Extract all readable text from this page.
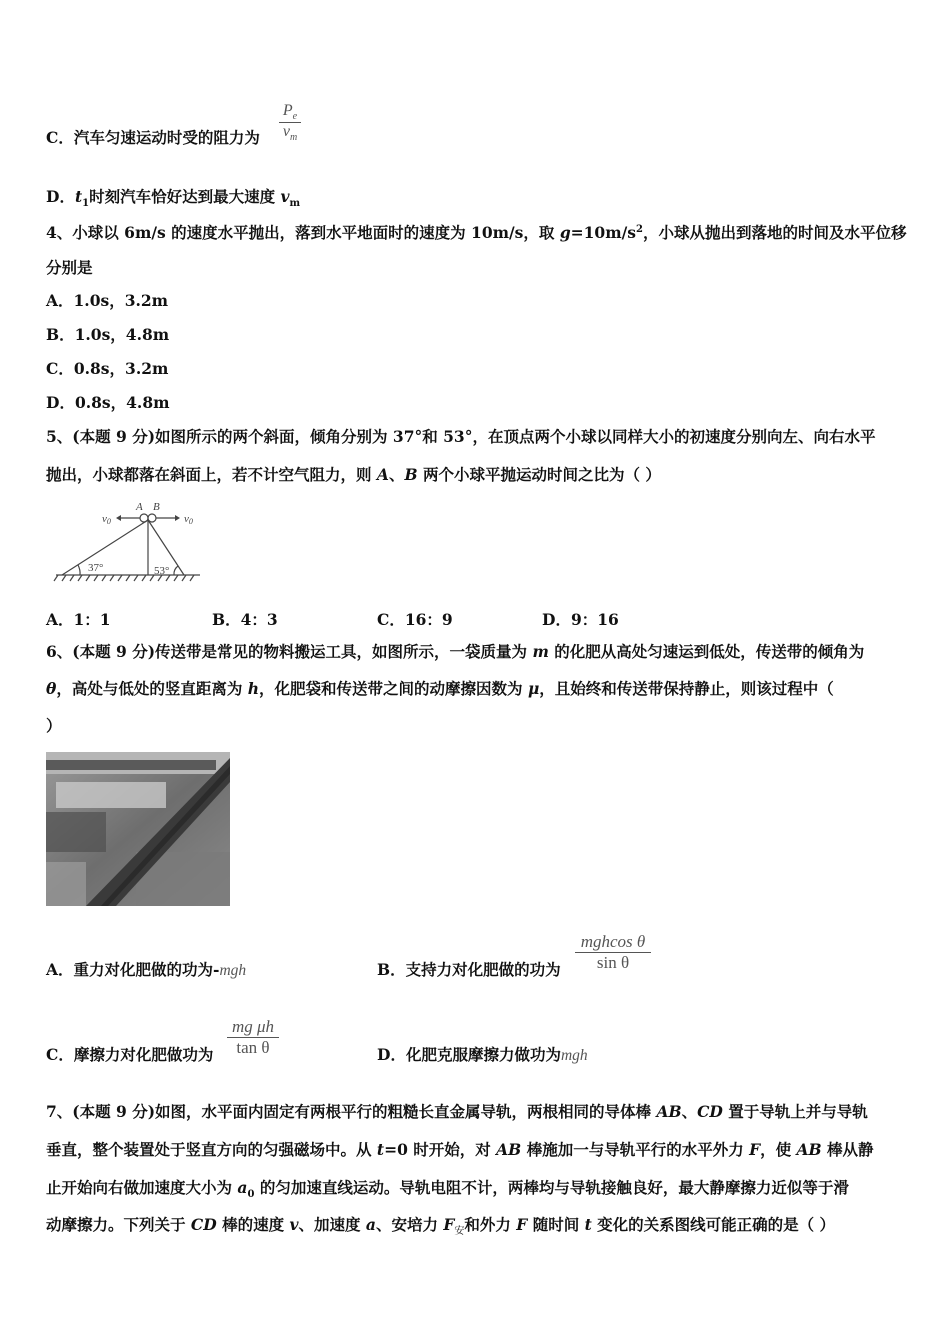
C．汽车匀速运动时受的阻力为
$P_e$
$v_m$
D．$t_1$时刻汽车恰好达到最大速度 $v_m$
4、小球以 6m/s 的速度水平抛出，落到水平地面时的速度为 10m/s，取 $g=10m/s^2$，小球从抛出到落地的时间及水平位移
分别是
A．1.0s，3.2m
B．1.0s，4.8m
C．0.8s，3.2m
D．0.8s，4.8m
5、(本题 9 分)如图所示的两个斜面，倾角分别为 37°和 53°，在顶点两个小球以同样大小的初速度分别向左、向右水平
抛出，小球都落在斜面上，若不计空气阻力，则 A、B 两个小球平抛运动时间之比为（ ）
A B
v0	v0
37°	53°
A．1：1	B．4：3	C．16：9	D．9：16
6、(本题 9 分)传送带是常见的物料搬运工具，如图所示，一袋质量为 m 的化肥从高处匀速运到低处，传送带的倾角为
θ，高处与低处的竖直距离为 h，化肥袋和传送带之间的动摩擦因数为 μ，且始终和传送带保持静止，则该过程中（
）
A．重力对化肥做的功为-mgh	B．支持力对化肥做的功为
mghcos θ
sin θ
C．摩擦力对化肥做功为
mg μh
tan θ	D．化肥克服摩擦力做功为mgh
7、(本题 9 分)如图，水平面内固定有两根平行的粗糙长直金属导轨，两根相同的导体棒 AB、CD 置于导轨上并与导轨
垂直，整个装置处于竖直方向的匀强磁场中。从 t=0 时开始，对 AB 棒施加一与导轨平行的水平外力 F，使 AB 棒从静
止开始向右做加速度大小为 $a_0$ 的匀加速直线运动。导轨电阻不计，两棒均与导轨接触良好，最大静摩擦力近似等于滑
动摩擦力。下列关于 CD 棒的速度 v、加速度 a、安培力 $F_安$和外力 F 随时间 t 变化的关系图线可能正确的是（ ）
